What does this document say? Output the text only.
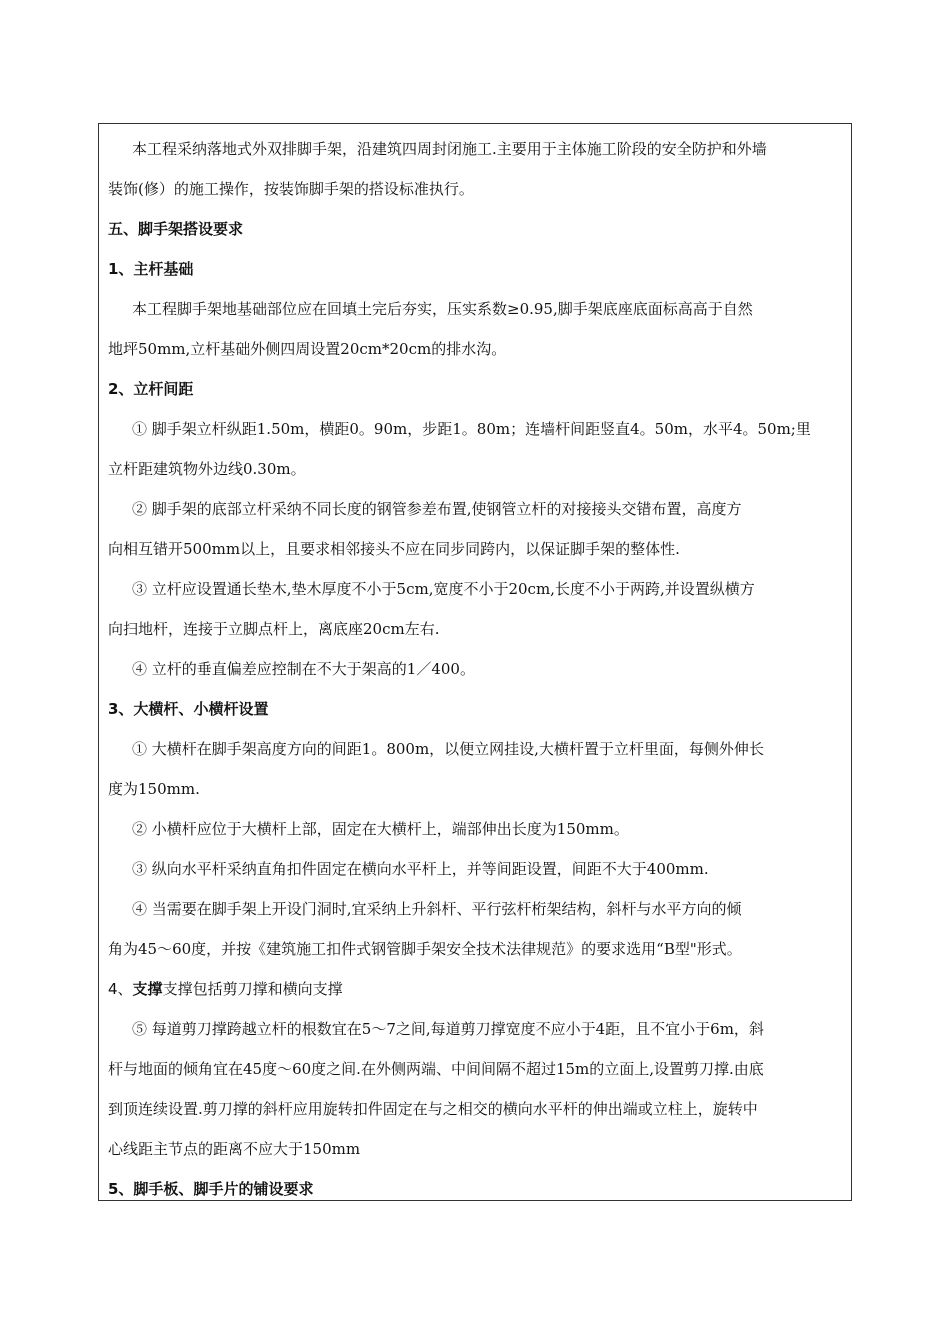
本工程采纳落地式外双排脚手架，沿建筑四周封闭施工.主要用于主体施工阶段的安全防护和外墙
装饰(修）的施工操作，按装饰脚手架的搭设标准执行。
五、脚手架搭设要求
1、主杆基础
本工程脚手架地基础部位应在回填土完后夯实，压实系数≥0.95,脚手架底座底面标高高于自然
地坪50mm,立杆基础外侧四周设置20cm*20cm的排水沟。
2、立杆间距
① 脚手架立杆纵距1.50m，横距0。90m，步距1。80m；连墙杆间距竖直4。50m，水平4。50m;里
立杆距建筑物外边线0.30m。
② 脚手架的底部立杆采纳不同长度的钢管参差布置,使钢管立杆的对接接头交错布置，高度方
向相互错开500mm以上，且要求相邻接头不应在同步同跨内，以保证脚手架的整体性.
③ 立杆应设置通长垫木,垫木厚度不小于5cm,宽度不小于20cm,长度不小于两跨,并设置纵横方
向扫地杆，连接于立脚点杆上，离底座20cm左右.
④ 立杆的垂直偏差应控制在不大于架高的1／400。
3、大横杆、小横杆设置
① 大横杆在脚手架高度方向的间距1。800m，以便立网挂设,大横杆置于立杆里面，每侧外伸长
度为150mm.
② 小横杆应位于大横杆上部，固定在大横杆上，端部伸出长度为150mm。
③ 纵向水平杆采纳直角扣件固定在横向水平杆上，并等间距设置，间距不大于400mm.
④ 当需要在脚手架上开设门洞时,宜采纳上升斜杆、平行弦杆桁架结构，斜杆与水平方向的倾
角为45～60度，并按《建筑施工扣件式钢管脚手架安全技术法律规范》的要求选用“B型"形式。
4、支撑支撑包括剪刀撑和横向支撑
⑤ 每道剪刀撑跨越立杆的根数宜在5～7之间,每道剪刀撑宽度不应小于4距，且不宜小于6m，斜
杆与地面的倾角宜在45度～60度之间.在外侧两端、中间间隔不超过15m的立面上,设置剪刀撑.由底
到顶连续设置.剪刀撑的斜杆应用旋转扣件固定在与之相交的横向水平杆的伸出端或立柱上，旋转中
心线距主节点的距离不应大于150mm
5、脚手板、脚手片的铺设要求
